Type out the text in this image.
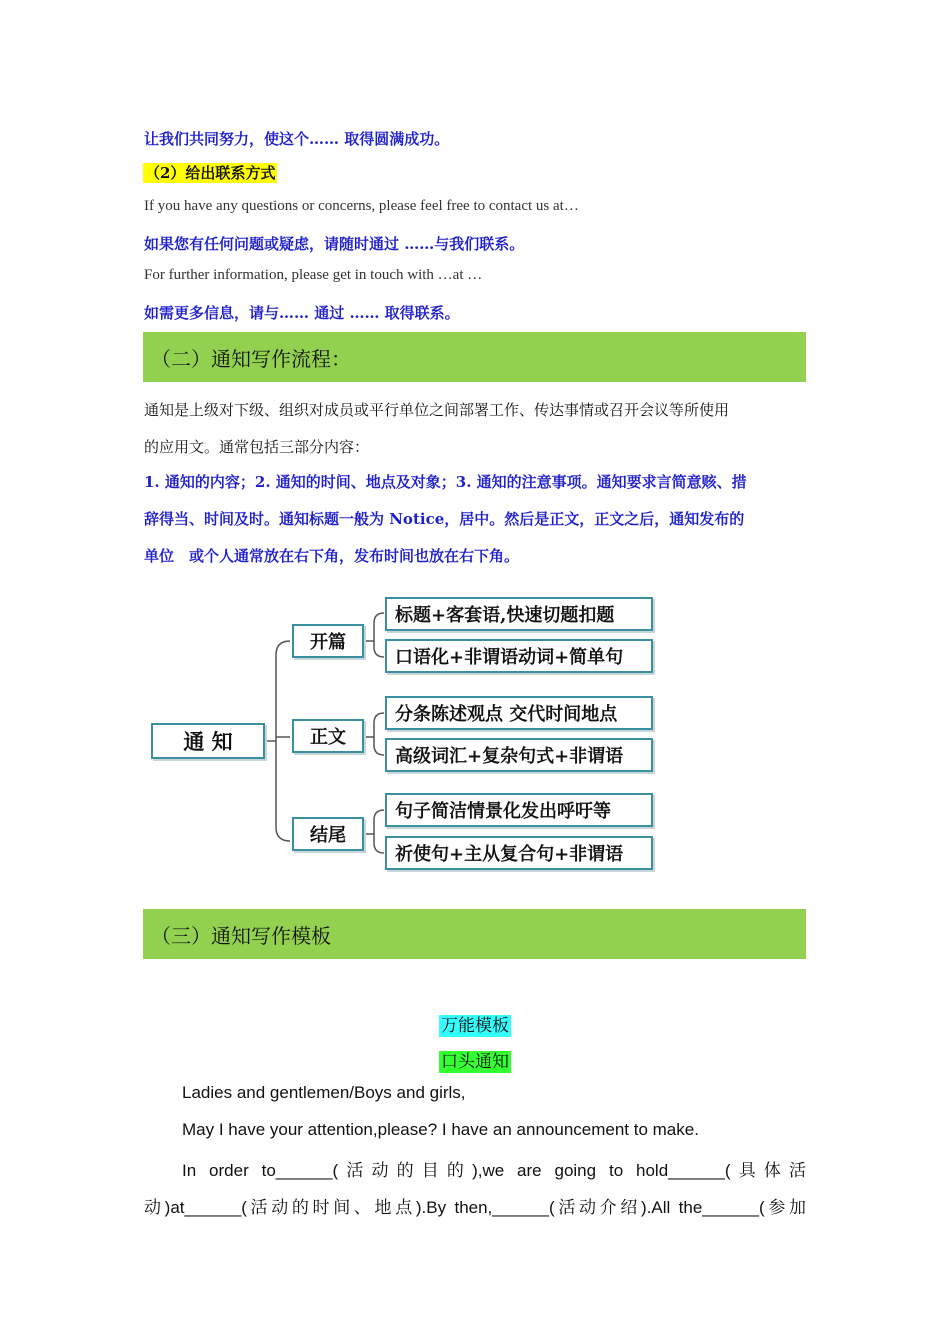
让我们共同努力，使这个…… 取得圆满成功。
（2）给出联系方式
If you have any questions or concerns, please feel free to contact us at…
如果您有任何问题或疑虑，请随时通过 ……与我们联系。
For further information, please get in touch with …at …
如需更多信息，请与…… 通过 …… 取得联系。
（二）通知写作流程：
通知是上级对下级、组织对成员或平行单位之间部署工作、传达事情或召开会议等所使用
的应用文。通常包括三部分内容：
1. 通知的内容；2. 通知的时间、地点及对象；3. 通知的注意事项。通知要求言简意赅、措
辞得当、时间及时。通知标题一般为 Notice，居中。然后是正文，正文之后，通知发布的
单位　或个人通常放在右下角，发布时间也放在右下角。
通 知
开篇
正文
结尾
标题+客套语,快速切题扣题
口语化+非谓语动词+简单句
分条陈述观点 交代时间地点
高级词汇+复杂句式+非谓语
句子简洁情景化发出呼吁等
祈使句+主从复合句+非谓语
（三）通知写作模板
万能模板
口头通知
Ladies and gentlemen/Boys and girls,
May I have your attention,please? I have an announcement to make.
In order to______(活动的目的),we are going to hold______(具体活
动)at______(活动的时间、地点).By then,______(活动介绍).All the______(参加
